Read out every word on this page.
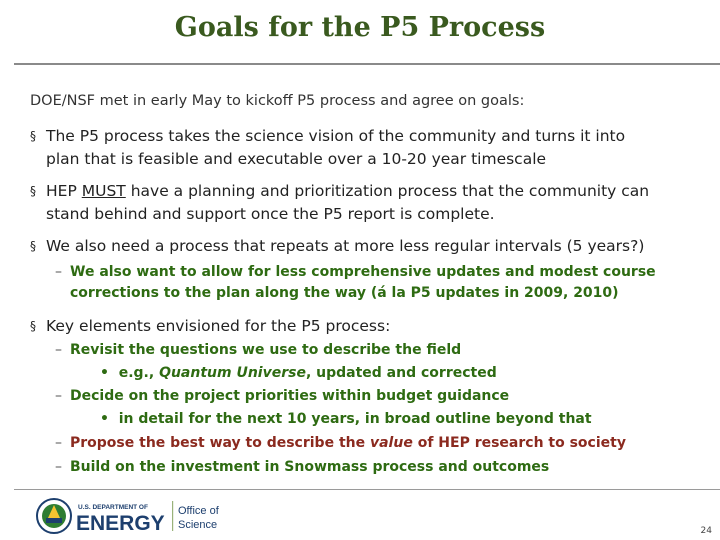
Goals for the P5 Process
DOE/NSF met in early May to kickoff P5 process and agree on goals:
§ The P5 process takes the science vision of the community and turns it into
plan that is feasible and executable over a 10-20 year timescale
§ HEP MUST have a planning and prioritization process that the community can
stand behind and support once the P5 report is complete.
§ We also need a process that repeats at more less regular intervals (5 years?)
– We also want to allow for less comprehensive updates and modest course
corrections to the plan along the way (á la P5 updates in 2009, 2010)
§ Key elements envisioned for the P5 process:
– Revisit the questions we use to describe the field
•  e.g., Quantum Universe, updated and corrected
– Decide on the project priorities within budget guidance
•  in detail for the next 10 years, in broad outline beyond that
– Propose the best way to describe the value of HEP research to society
– Build on the investment in Snowmass process and outcomes
U.S. DEPARTMENT OF
ENERGY
Office of
Science	24
